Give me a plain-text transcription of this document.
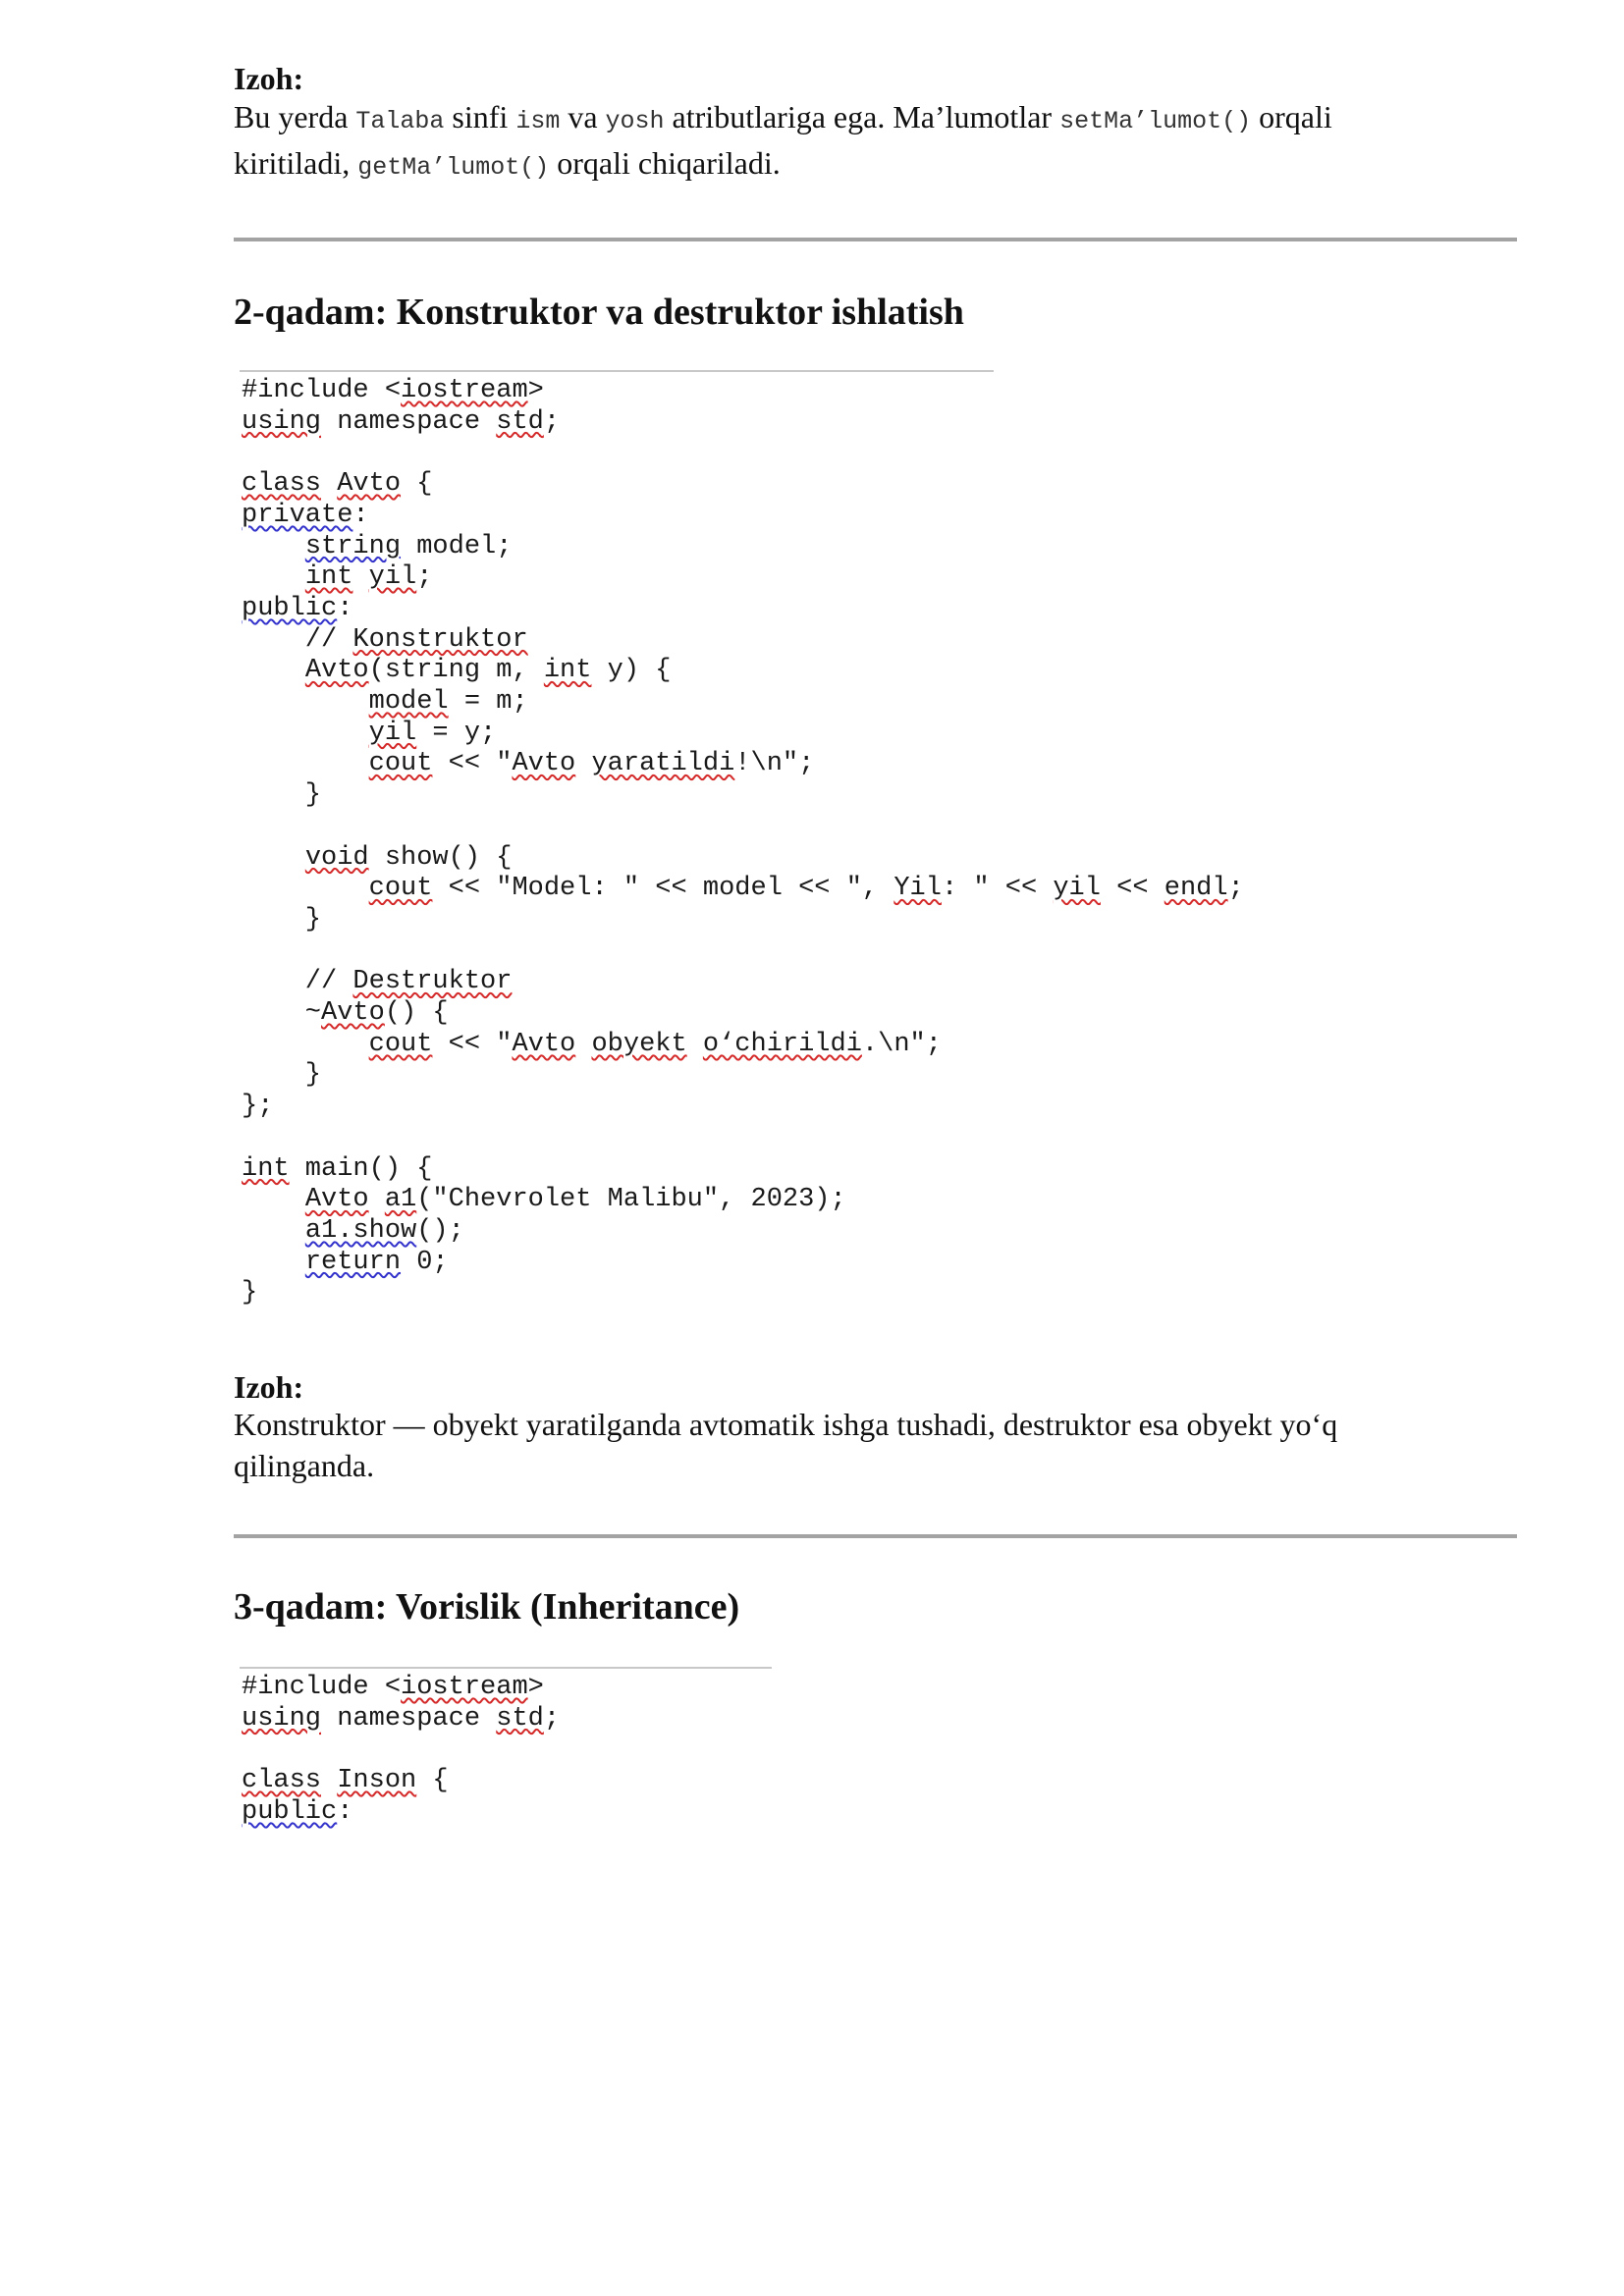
Izoh:
Bu yerda Talaba sinfi ism va yosh atributlariga ega. Ma’lumotlar setMa’lumot() orqali kiritiladi, getMa’lumot() orqali chiqariladi.
2-qadam: Konstruktor va destruktor ishlatish
#include <iostream>
using namespace std;

class Avto {
private:
string model;
int yil;
public:
// Konstruktor
Avto(string m, int y) {
model = m;
yil = y;
cout << "Avto yaratildi!\n";
}

void show() {
cout << "Model: " << model << ", Yil: " << yil << endl;
}

// Destruktor
~Avto() {
cout << "Avto obyekt o‘chirildi.\n";
}
};

int main() {
Avto a1("Chevrolet Malibu", 2023);
a1.show();
return 0;
}
Izoh:
Konstruktor — obyekt yaratilganda avtomatik ishga tushadi, destruktor esa obyekt yo‘q qilinganda.
3-qadam: Vorislik (Inheritance)
#include <iostream>
using namespace std;

class Inson {
public:
